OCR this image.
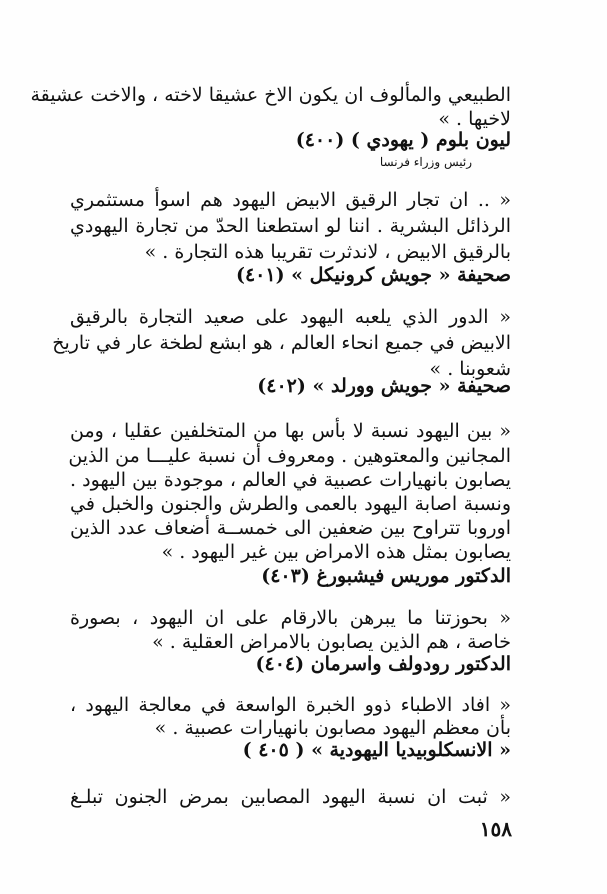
الطبيعي والمألوف ان يكون الاخ عشيقا لاخته ، والاخت عشيقة
لاخيها . »
ليون بلوم ( يهودي ) (٤٠٠)
رئيس وزراء فرنسا
« .. ان تجار الرقيق الابيض اليهود هم اسوأ مستثمري
الرذائل البشرية . اننا لو استطعنا الحدّ من تجارة اليهودي
بالرقيق الابيض ، لاندثرت تقريبا هذه التجارة . »
صحيفة « جويش كرونيكل » (٤٠١)
« الدور الذي يلعبه اليهود على صعيد التجارة بالرقيق
الابيض في جميع انحاء العالم ، هو ابشع لطخة عار في تاريخ
شعوبنا . »
صحيفة « جويش وورلد » (٤٠٢)
« بين اليهود نسبة لا بأس بها من المتخلفين عقليا ، ومن
المجانين والمعتوهين . ومعروف أن نسبة عليـــا من الذين
يصابون بانهيارات عصبية في العالم ، موجودة بين اليهود .
ونسبة اصابة اليهود بالعمى والطرش والجنون والخبل في
اوروبا تتراوح بين ضعفين الى خمســة أضعاف عدد الذين
يصابون بمثل هذه الامراض بين غير اليهود . »
الدكتور موريس فيشبورغ (٤٠٣)
« بحوزتنا ما يبرهن بالارقام على ان اليهود ، بصورة
خاصة ، هم الذين يصابون بالامراض العقلية . »
الدكتور رودولف واسرمان (٤٠٤)
« افاد الاطباء ذوو الخبرة الواسعة في معالجة اليهود ،
بأن معظم اليهود مصابون بانهيارات عصبية . »
« الانسكلوبيديا اليهودية » ( ٤٠٥ )
« ثبت ان نسبة اليهود المصابين بمرض الجنون تبلـغ
١٥٨
